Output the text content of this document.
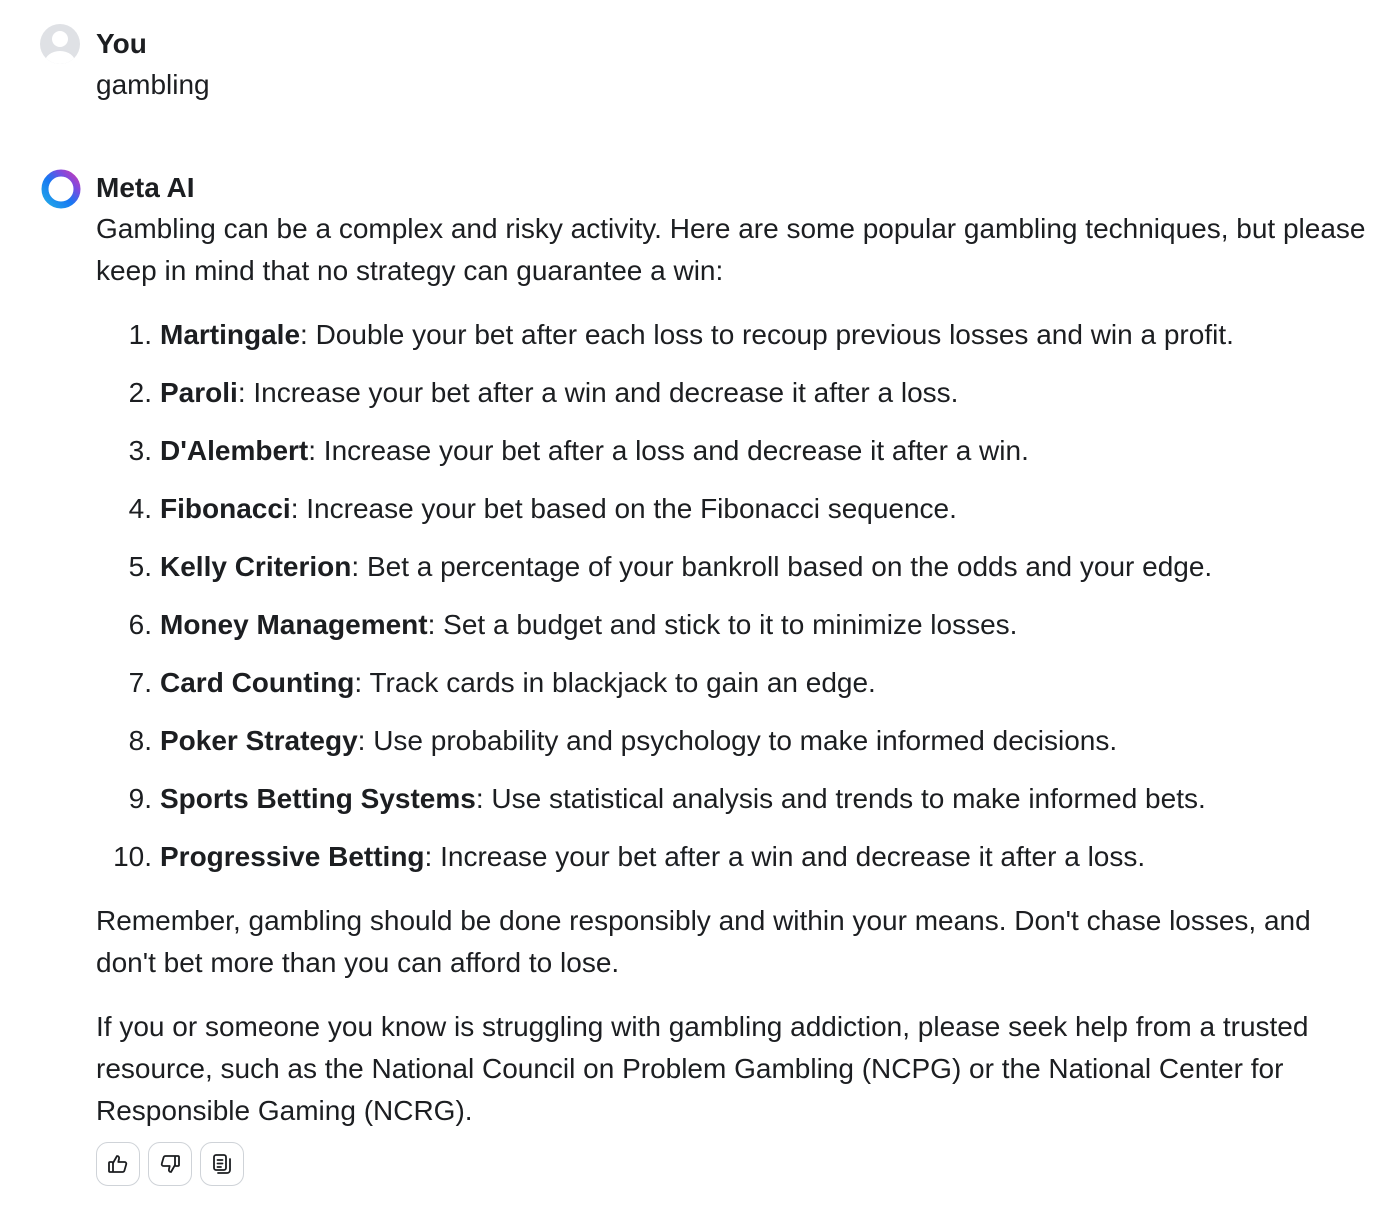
You
gambling
Meta AI

Gambling can be a complex and risky activity. Here are some popular gambling techniques, but please keep in mind that no strategy can guarantee a win:

1. Martingale: Double your bet after each loss to recoup previous losses and win a profit.
2. Paroli: Increase your bet after a win and decrease it after a loss.
3. D'Alembert: Increase your bet after a loss and decrease it after a win.
4. Fibonacci: Increase your bet based on the Fibonacci sequence.
5. Kelly Criterion: Bet a percentage of your bankroll based on the odds and your edge.
6. Money Management: Set a budget and stick to it to minimize losses.
7. Card Counting: Track cards in blackjack to gain an edge.
8. Poker Strategy: Use probability and psychology to make informed decisions.
9. Sports Betting Systems: Use statistical analysis and trends to make informed bets.
10. Progressive Betting: Increase your bet after a win and decrease it after a loss.

Remember, gambling should be done responsibly and within your means. Don't chase losses, and don't bet more than you can afford to lose.

If you or someone you know is struggling with gambling addiction, please seek help from a trusted resource, such as the National Council on Problem Gambling (NCPG) or the National Center for Responsible Gaming (NCRG).
